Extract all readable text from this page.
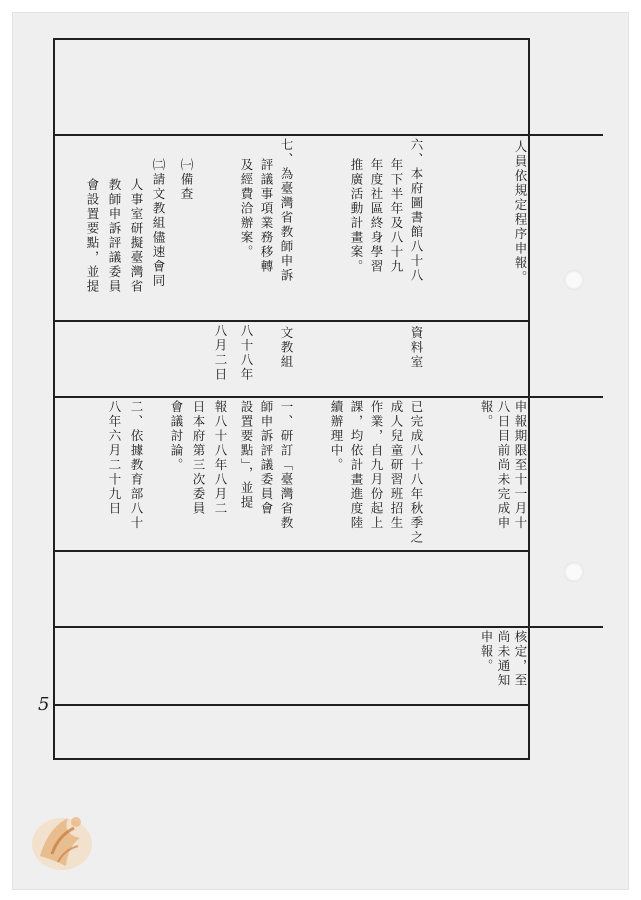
人員依規定程序申報。
申報期限至十一月十
八日目前尚未完成申
報。
核定，至
尚未通知
申報。
六、本府圖書館八十八
年下半年及八十九
年度社區終身學習
推廣活動計畫案。
資料室
已完成八十八年秋季之
成人兒童研習班招生
作業，自九月份起上
課，均依計畫進度陸
續辦理中。
七、為臺灣省教師申訴
評議事項業務移轉
及經費洽辦案。
文教組
八十八年
八月二日
㈠備查
㈡請文教組儘速會同
人事室研擬臺灣省
教師申訴評議委員
會設置要點，並提
一、研訂「臺灣省教
師申訴評議委員會
設置要點」，並提
報八十八年八月二
日本府第三次委員
會議討論。
二、依據教育部八十
八年六月二十九日
5
